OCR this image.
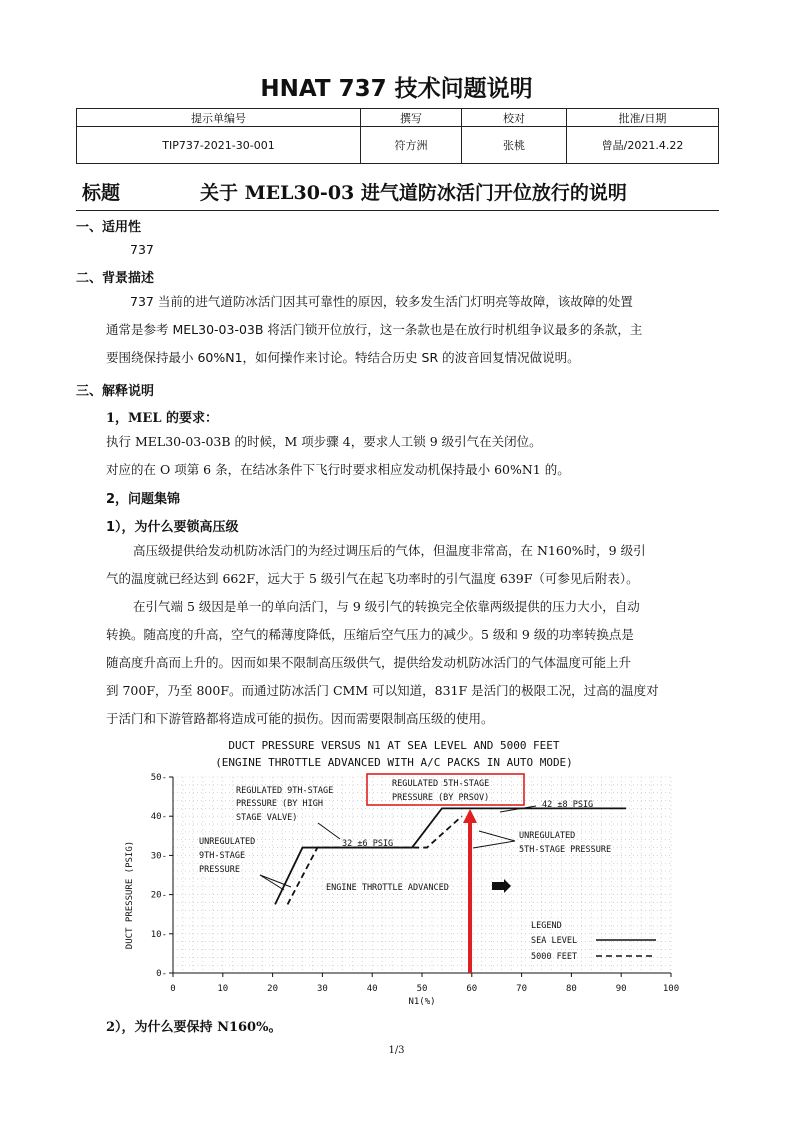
HNAT 737 技术问题说明
提示单编号	撰写	校对	批准/日期
TIP737-2021-30-001	符方洲	张桃	曾晶/2021.4.22
标题	关于 MEL30-03 进气道防冰活门开位放行的说明
一、适用性
737
二、背景描述
737 当前的进气道防冰活门因其可靠性的原因，较多发生活门灯明亮等故障，该故障的处置
通常是参考 MEL30-03-03B 将活门锁开位放行，这一条款也是在放行时机组争议最多的条款，主
要围绕保持最小 60%N1，如何操作来讨论。特结合历史 SR 的波音回复情况做说明。
三、解释说明
1，MEL 的要求：
执行 MEL30-03-03B 的时候，M 项步骤 4，要求人工锁 9 级引气在关闭位。
对应的在 O 项第 6 条，在结冰条件下飞行时要求相应发动机保持最小 60%N1 的。
2，问题集锦
1），为什么要锁高压级
高压级提供给发动机防冰活门的为经过调压后的气体，但温度非常高，在 N160%时，9 级引
气的温度就已经达到 662F，远大于 5 级引气在起飞功率时的引气温度 639F（可参见后附表）。
在引气端 5 级因是单一的单向活门，与 9 级引气的转换完全依靠两级提供的压力大小，自动
转换。随高度的升高，空气的稀薄度降低，压缩后空气压力的减少。5 级和 9 级的功率转换点是
随高度升高而上升的。因而如果不限制高压级供气，提供给发动机防冰活门的气体温度可能上升
到 700F，乃至 800F。而通过防冰活门 CMM 可以知道，831F 是活门的极限工况，过高的温度对
于活门和下游管路都将造成可能的损伤。因而需要限制高压级的使用。
DUCT PRESSURE VERSUS N1 AT SEA LEVEL AND 5000 FEET
(ENGINE THROTTLE ADVANCED WITH A/C PACKS IN AUTO MODE)
0	10	20	30	40	50	60	70	80	90	100
0-
10-
20-
30-
40-
50-
N1(%)
DUCT PRESSURE (PSIG)
REGULATED 9TH-STAGE
PRESSURE (BY HIGH
STAGE VALVE)
32 ±6 PSIG
REGULATED 5TH-STAGE
PRESSURE (BY PRSOV)
42 ±8 PSIG
UNREGULATED
9TH-STAGE
PRESSURE
UNREGULATED
5TH-STAGE PRESSURE
ENGINE THROTTLE ADVANCED
LEGEND
SEA LEVEL
5000 FEET
2），为什么要保持 N160%。
1/3
